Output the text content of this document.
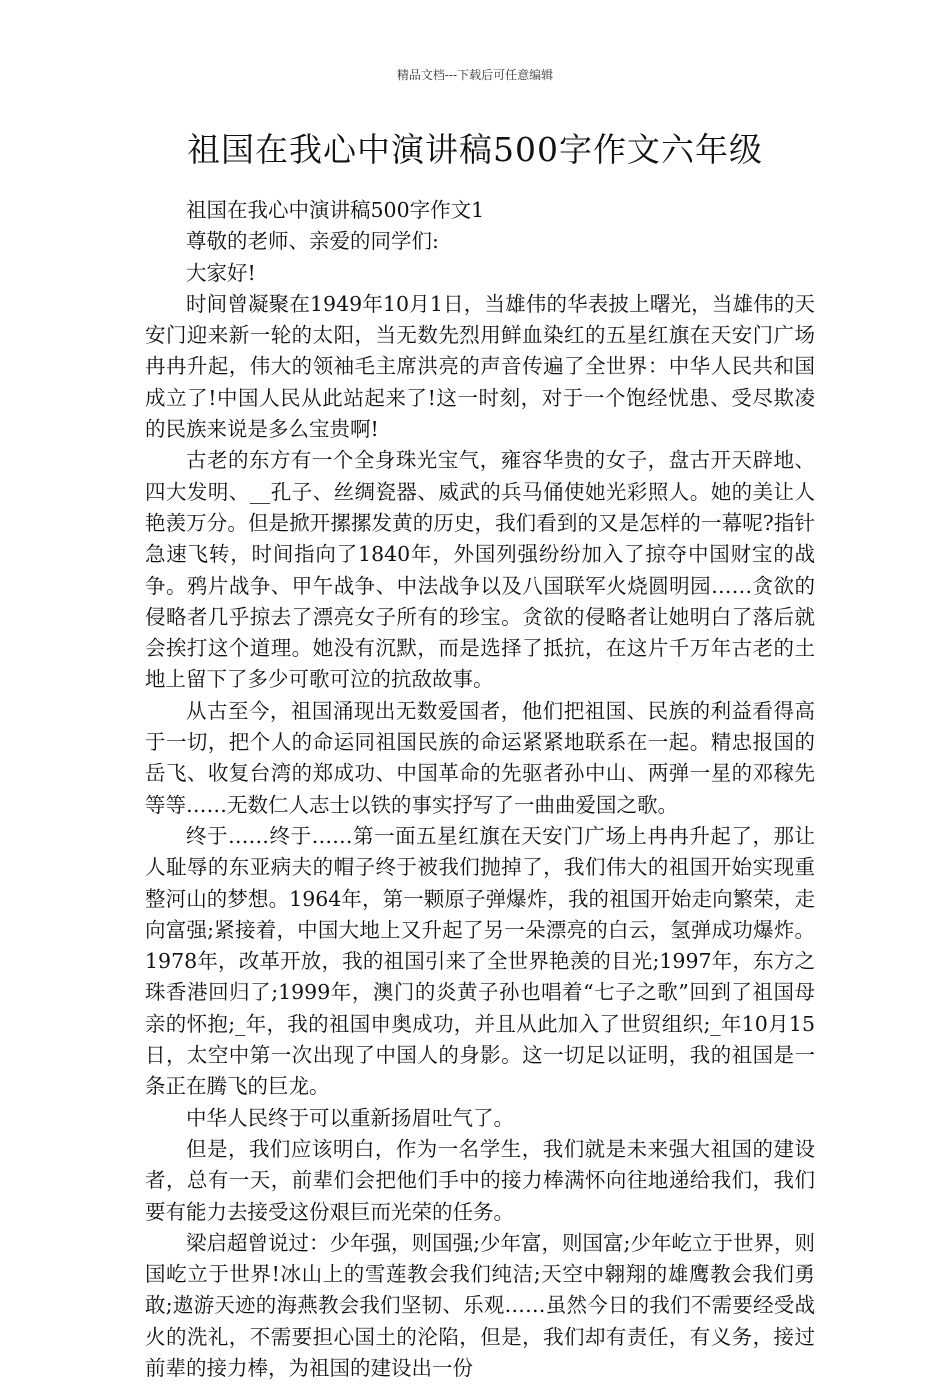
精品文档---下载后可任意编辑
祖国在我心中演讲稿500字作文六年级

祖国在我心中演讲稿500字作文1

尊敬的老师、亲爱的同学们:

大家好!

时间曾凝聚在1949年10月1日，当雄伟的华表披上曙光，当雄伟的天安门迎来新一轮的太阳，当无数先烈用鲜血染红的五星红旗在天安门广场冉冉升起，伟大的领袖毛主席洪亮的声音传遍了全世界：中华人民共和国成立了!中国人民从此站起来了!这一时刻，对于一个饱经忧患、受尽欺凌的民族来说是多么宝贵啊!

古老的东方有一个全身珠光宝气，雍容华贵的女子，盘古开天辟地、四大发明、__孔子、丝绸瓷器、威武的兵马俑使她光彩照人。她的美让人艳羡万分。但是掀开摞摞发黄的历史，我们看到的又是怎样的一幕呢?指针急速飞转，时间指向了1840年，外国列强纷纷加入了掠夺中国财宝的战争。鸦片战争、甲午战争、中法战争以及八国联军火烧圆明园……贪欲的侵略者几乎掠去了漂亮女子所有的珍宝。贪欲的侵略者让她明白了落后就会挨打这个道理。她没有沉默，而是选择了抵抗，在这片千万年古老的土地上留下了多少可歌可泣的抗敌故事。

从古至今，祖国涌现出无数爱国者，他们把祖国、民族的利益看得高于一切，把个人的命运同祖国民族的命运紧紧地联系在一起。精忠报国的岳飞、收复台湾的郑成功、中国革命的先驱者孙中山、两弹一星的邓稼先等等……无数仁人志士以铁的事实抒写了一曲曲爱国之歌。

终于……终于……第一面五星红旗在天安门广场上冉冉升起了，那让人耻辱的东亚病夫的帽子终于被我们抛掉了，我们伟大的祖国开始实现重整河山的梦想。1964年，第一颗原子弹爆炸，我的祖国开始走向繁荣，走向富强;紧接着，中国大地上又升起了另一朵漂亮的白云，氢弹成功爆炸。1978年，改革开放，我的祖国引来了全世界艳羡的目光;1997年，东方之珠香港回归了;1999年，澳门的炎黄子孙也唱着“七子之歌”回到了祖国母亲的怀抱;_年，我的祖国申奥成功，并且从此加入了世贸组织;_年10月15日，太空中第一次出现了中国人的身影。这一切足以证明，我的祖国是一条正在腾飞的巨龙。

中华人民终于可以重新扬眉吐气了。

但是，我们应该明白，作为一名学生，我们就是未来强大祖国的建设者，总有一天，前辈们会把他们手中的接力棒满怀向往地递给我们，我们要有能力去接受这份艰巨而光荣的任务。

梁启超曾说过：少年强，则国强;少年富，则国富;少年屹立于世界，则国屹立于世界!冰山上的雪莲教会我们纯洁;天空中翱翔的雄鹰教会我们勇敢;遨游天迹的海燕教会我们坚韧、乐观……虽然今日的我们不需要经受战火的洗礼，不需要担心国土的沦陷，但是，我们却有责任，有义务，接过前辈的接力棒，为祖国的建设出一份
